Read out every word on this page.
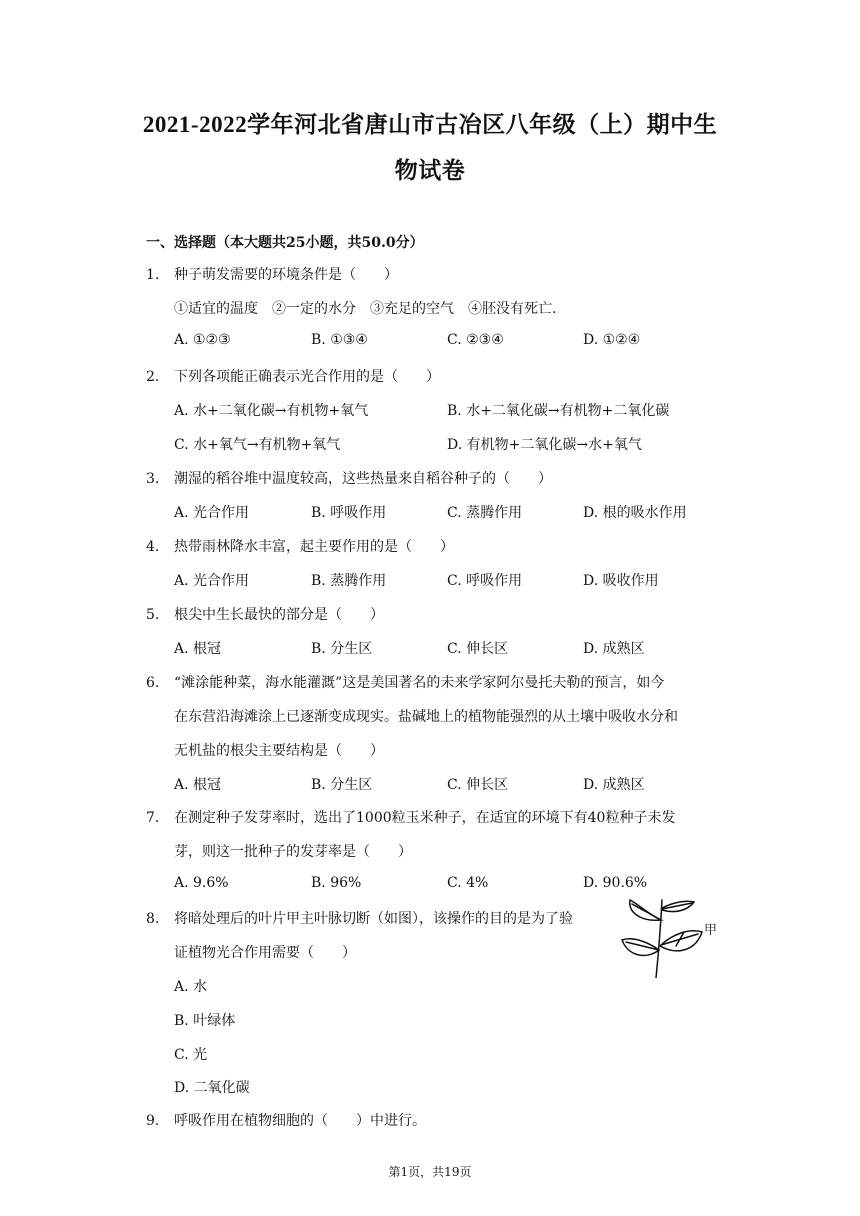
2021-2022学年河北省唐山市古冶区八年级（上）期中生
物试卷
一、选择题（本大题共25小题，共50.0分）
1. 种子萌发需要的环境条件是（　　）
①适宜的温度　②一定的水分　③充足的空气　④胚没有死亡.
A. ①②③	B. ①③④	C. ②③④	D. ①②④
2. 下列各项能正确表示光合作用的是（　　）
A. 水+二氧化碳→有机物+氧气	B. 水+二氧化碳→有机物+二氧化碳
C. 水+氧气→有机物+氧气	D. 有机物+二氧化碳→水+氧气
3. 潮湿的稻谷堆中温度较高，这些热量来自稻谷种子的（　　）
A. 光合作用	B. 呼吸作用	C. 蒸腾作用	D. 根的吸水作用
4. 热带雨林降水丰富，起主要作用的是（　　）
A. 光合作用	B. 蒸腾作用	C. 呼吸作用	D. 吸收作用
5. 根尖中生长最快的部分是（　　）
A. 根冠	B. 分生区	C. 伸长区	D. 成熟区
6. “滩涂能种菜，海水能灌溉”这是美国著名的未来学家阿尔曼托夫勒的预言，如今
在东营沿海滩涂上已逐渐变成现实。盐碱地上的植物能强烈的从土壤中吸收水分和
无机盐的根尖主要结构是（　　）
A. 根冠	B. 分生区	C. 伸长区	D. 成熟区
7. 在测定种子发芽率时，选出了1000粒玉米种子，在适宜的环境下有40粒种子未发
芽，则这一批种子的发芽率是（　　）
A. 9.6%	B. 96%	C. 4%	D. 90.6%
8. 将暗处理后的叶片甲主叶脉切断（如图），该操作的目的是为了验
证植物光合作用需要（　　）
A. 水
B. 叶绿体
C. 光
D. 二氧化碳
甲
9. 呼吸作用在植物细胞的（　　）中进行。
第1页，共19页
